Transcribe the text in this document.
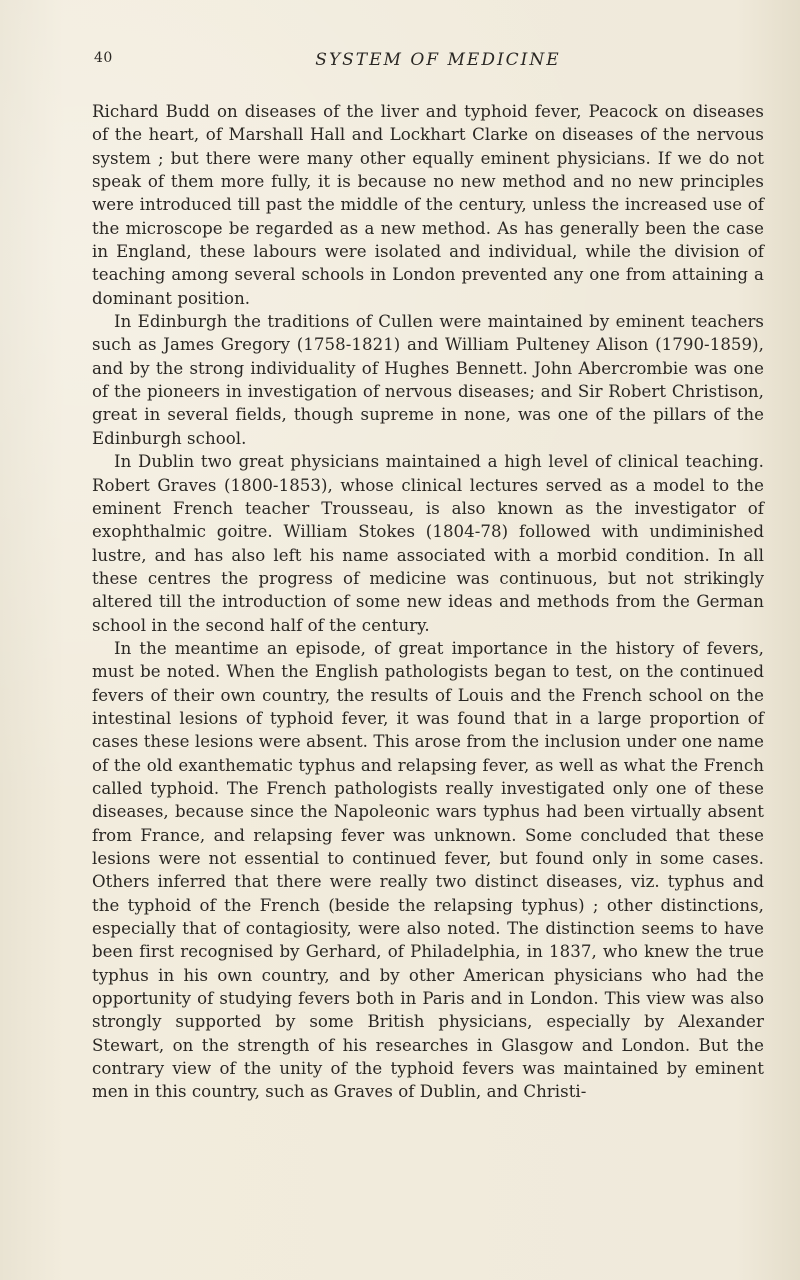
40	SYSTEM OF MEDICINE

Richard Budd on diseases of the liver and typhoid fever, Peacock on diseases of the heart, of Marshall Hall and Lockhart Clarke on diseases of the nervous system ; but there were many other equally eminent physicians. If we do not speak of them more fully, it is because no new method and no new principles were introduced till past the middle of the century, unless the increased use of the microscope be regarded as a new method. As has generally been the case in England, these labours were isolated and individual, while the division of teaching among several schools in London prevented any one from attaining a dominant position.

In Edinburgh the traditions of Cullen were maintained by eminent teachers such as James Gregory (1758-1821) and William Pulteney Alison (1790-1859), and by the strong individuality of Hughes Bennett. John Abercrombie was one of the pioneers in investigation of nervous diseases; and Sir Robert Christison, great in several fields, though supreme in none, was one of the pillars of the Edinburgh school.

In Dublin two great physicians maintained a high level of clinical teaching. Robert Graves (1800-1853), whose clinical lectures served as a model to the eminent French teacher Trousseau, is also known as the investigator of exophthalmic goitre. William Stokes (1804-78) followed with undiminished lustre, and has also left his name associated with a morbid condition. In all these centres the progress of medicine was continuous, but not strikingly altered till the introduction of some new ideas and methods from the German school in the second half of the century.

In the meantime an episode, of great importance in the history of fevers, must be noted. When the English pathologists began to test, on the continued fevers of their own country, the results of Louis and the French school on the intestinal lesions of typhoid fever, it was found that in a large proportion of cases these lesions were absent. This arose from the inclusion under one name of the old exanthematic typhus and relapsing fever, as well as what the French called typhoid. The French pathologists really investigated only one of these diseases, because since the Napoleonic wars typhus had been virtually absent from France, and relapsing fever was unknown. Some concluded that these lesions were not essential to continued fever, but found only in some cases. Others inferred that there were really two distinct diseases, viz. typhus and the typhoid of the French (beside the relapsing typhus) ; other distinctions, especially that of contagiosity, were also noted. The distinction seems to have been first recognised by Gerhard, of Philadelphia, in 1837, who knew the true typhus in his own country, and by other American physicians who had the opportunity of studying fevers both in Paris and in London. This view was also strongly supported by some British physicians, especially by Alexander Stewart, on the strength of his researches in Glasgow and London. But the contrary view of the unity of the typhoid fevers was maintained by eminent men in this country, such as Graves of Dublin, and Christi-
